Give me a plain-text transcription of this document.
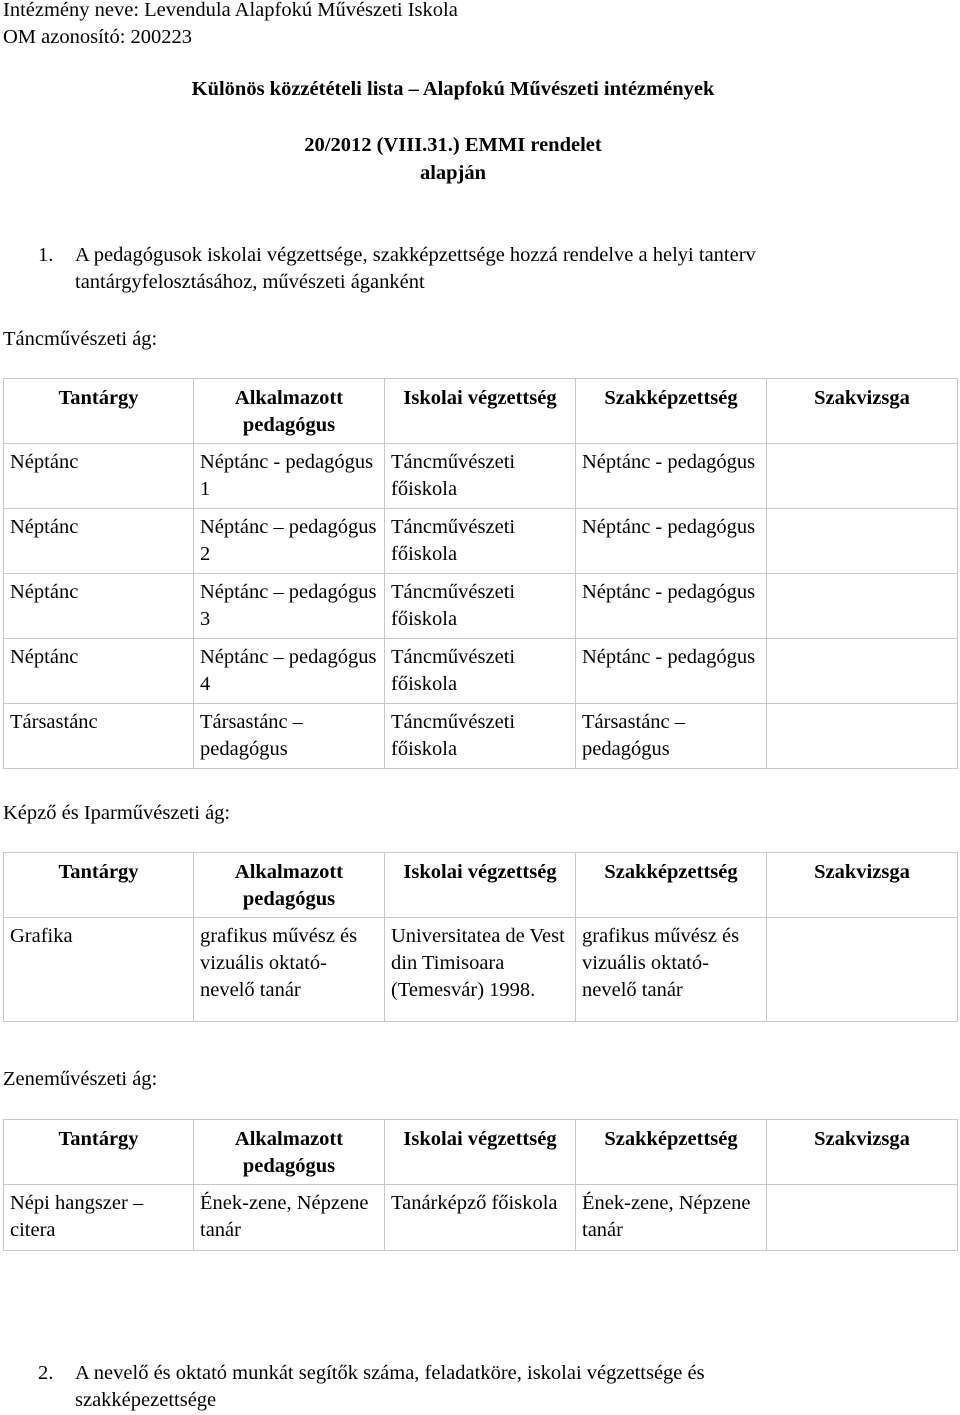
Intézmény neve: Levendula Alapfokú Művészeti Iskola
OM azonosító: 200223
Különös közzétételi lista – Alapfokú Művészeti intézmények
20/2012 (VIII.31.) EMMI rendelet
alapján
1. A pedagógusok iskolai végzettsége, szakképzettsége hozzá rendelve a helyi tanterv
tantárgyfelosztásához, művészeti áganként
Táncművészeti ág:
Tantárgy	Alkalmazott pedagógus	Iskolai végzettség	Szakképzettség	Szakvizsga
Néptánc	Néptánc - pedagógus 1	Táncművészeti főiskola	Néptánc - pedagógus	
Néptánc	Néptánc – pedagógus 2	Táncművészeti főiskola	Néptánc - pedagógus	
Néptánc	Néptánc – pedagógus 3	Táncművészeti főiskola	Néptánc - pedagógus	
Néptánc	Néptánc – pedagógus 4	Táncművészeti főiskola	Néptánc - pedagógus	
Társastánc	Társastánc – pedagógus	Táncművészeti főiskola	Társastánc – pedagógus	
Képző és Iparművészeti ág:
Tantárgy	Alkalmazott pedagógus	Iskolai végzettség	Szakképzettség	Szakvizsga
Grafika	grafikus művész és vizuális oktató-nevelő tanár	Universitatea de Vest din Timisoara (Temesvár) 1998.	grafikus művész és vizuális oktató-nevelő tanár	
Zeneművészeti ág:
Tantárgy	Alkalmazott pedagógus	Iskolai végzettség	Szakképzettség	Szakvizsga
Népi hangszer – citera	Ének-zene, Népzene tanár	Tanárképző főiskola	Ének-zene, Népzene tanár	
2. A nevelő és oktató munkát segítők száma, feladatköre, iskolai végzettsége és
szakképezettsége
